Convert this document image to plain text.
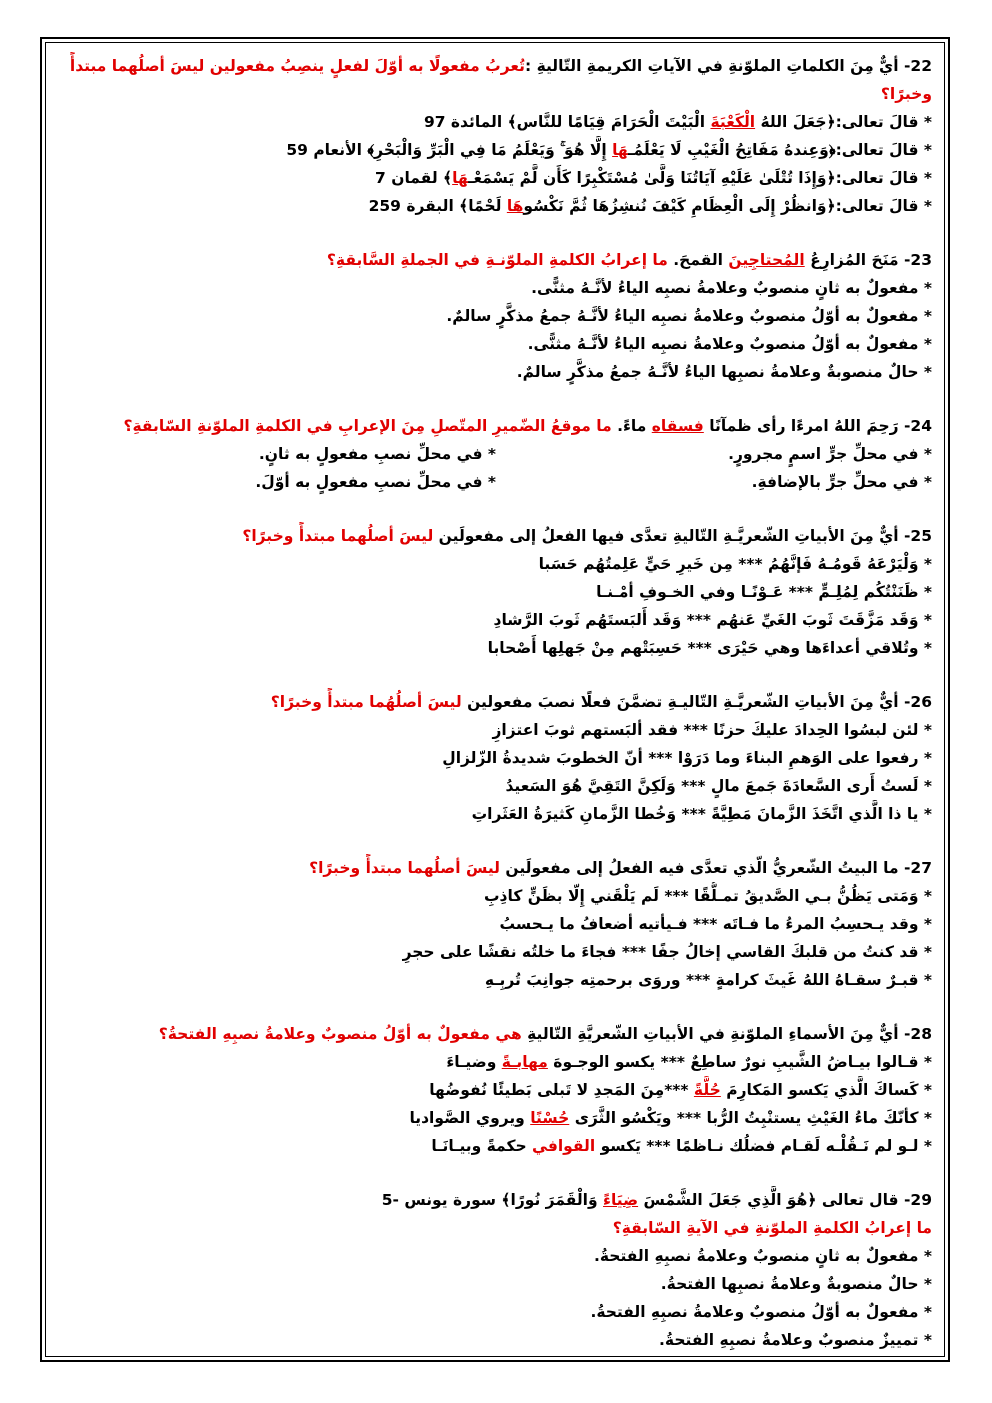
22- أيٌّ مِنَ الكلماتِ الملوّنةِ في الآياتِ الكريمةِ التّاليةِ :تُعربُ مفعولًا به أوّلَ لفعلٍ ينصِبُ مفعولين ليسَ أصلُهما مبتدأً وخبرًا؟
* قالَ تعالى:﴿جَعَلَ اللهُ الْكَعْبَةَ الْبَيْتَ الْحَرَامَ قِيَامًا للنَّاس﴾ المائدة 97
* قالَ تعالى:﴿وَعِندهُ مَفَاتِحُ الْغَيْبِ لَا يَعْلَمُـهَا إِلَّا هُوَ ۚ وَيَعْلَمُ مَا فِي الْبَرِّ وَالْبَحْرِ﴾ الأنعام 59
* قالَ تعالى:﴿وَإِذَا تُتْلَىٰ عَلَيْهِ آيَاتُنَا وَلَّىٰ مُسْتَكْبِرًا كَأَن لَّمْ يَسْمَعْـهَا﴾ لقمان 7
* قالَ تعالى:﴿وَانظُرْ إِلَى الْعِظَامِ كَيْفَ نُنشِزُهَا ثُمَّ نَكْسُوهَا لَحْمًا﴾ البقرة 259
23- مَنَحَ المُزارِعُ المُحتاجِينَ القمحَ. ما إعرابُ الكلمةِ الملوّنـةِ في الجملةِ السَّابقةِ؟
* مفعولٌ به ثانٍ منصوبٌ وعلامةُ نصبِه الياءُ لأنَّـهُ مثنًّى.
* مفعولٌ به أوّلُ منصوبٌ وعلامةُ نصبِه الياءُ لأنَّـهُ جمعُ مذكَّرٍ سالمٌ.
* مفعولٌ به أوّلُ منصوبٌ وعلامةُ نصبِه الياءُ لأنَّـهُ مثنًّى.
* حالٌ منصوبةٌ وعلامةُ نصبِها الياءُ لأنَّـهُ جمعُ مذكَّرٍ سالمٌ.
24- رَحِمَ اللهُ امرءًا رأى ظمآنًا فسقاه ماءً. ما موقعُ الضّميرِ المتّصلِ مِنَ الإعرابِ في الكلمةِ الملوّنةِ السّابقةِ؟
* في محلِّ جرٍّ اسمٍ مجرورٍ.
* في محلِّ نصبِ مفعولٍ به ثانٍ.
* في محلِّ جرٍّ بالإضافةِ.
* في محلِّ نصبِ مفعولٍ به أوّلَ.
25- أيٌّ مِنَ الأبياتِ الشّعريَّـةِ التّاليةِ تعدَّى فيها الفعلُ إلى مفعولَين ليسَ أصلُهما مبتدأً وخبرًا؟
* وَلْيَرْعَهُ قَومُـهُ فَإنَّهُمُ *** مِن خَيرِ حَيٍّ عَلِمتُهُم حَسَبا
* ظَنَنْتُكُم لِمُلِـمٍّ *** عَـوْنًـا وفي الخـوفِ أمْـنـا
* وَقَد مَزَّقَتَ ثَوبَ الغَيِّ عَنهُم *** وَقَد أَلبَستَهُم ثَوبَ الرَّشادِ
* وتُلاقي أعداءَها وهي حَيْرَى *** حَسِبَتْهم مِنْ جَهلِها أَصْحابا
26- أيٌّ مِنَ الأبياتِ الشّعريَّـةِ التّاليـةِ تضمَّنَ فعلًا نصبَ مفعولين ليسَ أصلُهُما مبتدأً وخبرًا؟
* لئن لبسُوا الحِدادَ عليكَ حزنًا *** فقد ألبَستهم ثوبَ اعتزازِ
* رفعوا على الوَهمِ البناءَ وما دَرَوْا *** أنّ الخطوبَ شديدةُ الزّلزالِ
* لَستُ أَرى السَّعادَةَ جَمعَ مالٍ *** وَلَكِنَّ التَقِيَّ هُوَ السَعيدُ
* يا ذا الَّذي اتَّخَذَ الزَّمانَ مَطِيَّةً *** وَخُطا الزَّمانِ كَثيرَةُ العَثَراتِ
27- ما البيتُ الشّعريُّ الّذي تعدَّى فيه الفعلُ إلى مفعولَين ليسَ أصلُهما مبتدأً وخبرًا؟
* وَمَتى يَظُنُّ بـي الصَّديقُ تمـلُّقًا *** لَم يَلْقَني إِلّا بظَنٍّ كاذِبِ
* وقد يـحسِبُ المرءُ ما فـاتَه *** فـيأتيه أضعافُ ما يـحسبُ
* قد كنتُ من قلبكَ القاسي إخالُ جفًا *** فجاءَ ما خلتُه نقشًا على حجرِ
* قبـرٌ سقـاهُ اللهُ غَيثَ كرامةٍ *** وروَى برحمتِه جوانِبَ تُربِـهِ
28- أيٌّ مِنَ الأسماءِ الملوّنةِ في الأبياتِ الشّعريَّةِ التّاليةِ هي مفعولٌ به أوّلُ منصوبٌ وعلامةُ نصبِهِ الفتحةُ؟
* قـالوا بيـاضُ الشَّيبِ نورٌ ساطِعٌ *** يكسو الوجـوهَ مهابـةً وضيـاءَ
* كَساكَ الَّذي يَكسو المَكارِمَ حُلَّةً ***مِنَ المَجدِ لا تَبلى بَطيئًا نُفوضُها
* كأنّكَ ماءُ الغَيْثِ يستنْبِتُ الرُّبا *** ويَكْسُو الثَّرَى حُسْنًا ويروي الصَّواديا
* لـو لم نَـقُلْـه لَقـام فضلُك نـاظمًا *** يَكسو القوافي حكمةً وبيـانَـا
29- قال تعالى ﴿هُوَ الَّذِي جَعَلَ الشَّمْسَ ضِيَاءً وَالْقَمَرَ نُورًا﴾ سورة يونس -5
ما إعرابُ الكلمةِ الملوّنةِ في الآيةِ السّابقةِ؟
* مفعولٌ به ثانٍ منصوبٌ وعلامةُ نصبِهِ الفتحةُ.
* حالٌ منصوبةٌ وعلامةُ نصبِها الفتحةُ.
* مفعولٌ به أوّلُ منصوبٌ وعلامةُ نصبِهِ الفتحةُ.
* تمييزٌ منصوبٌ وعلامةُ نصبِهِ الفتحةُ.
